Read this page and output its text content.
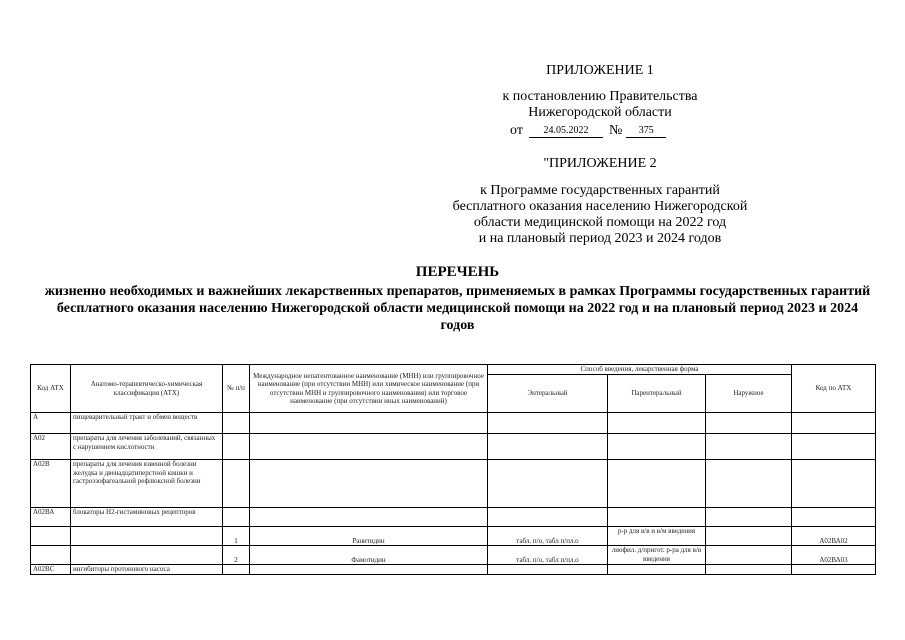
ПРИЛОЖЕНИЕ 1
к постановлению Правительства
Нижегородской области
от 24.05.2022 № 375
"ПРИЛОЖЕНИЕ 2
к Программе государственных гарантий
бесплатного оказания населению Нижегородской
области медицинской помощи на 2022 год
и на плановый период 2023 и 2024 годов
ПЕРЕЧЕНЬ
жизненно необходимых и важнейших лекарственных препаратов, применяемых в рамках Программы государственных гарантий бесплатного оказания населению Нижегородской области медицинской помощи на 2022 год и на плановый период 2023 и 2024 годов
Код АТХ	Анатомо-терапевтическо-химическая классификация (АТХ)	№ п/п	Международное непатентованное наименование (МНН) или группировочное наименование (при отсутствии МНН) или химическое наименование (при отсутствии МНН и группировочного наименования) или торговое наименование (при отсутствии иных наименований)	Способ введения, лекарственная форма			Код по АТХ
				Энтеральный	Парентеральный	Наружное	
А	пищеварительный тракт и обмен веществ						
А02	препараты для лечения заболеваний, связанных с нарушением кислотности						
А02В	препараты для лечения язвенной болезни желудка и двенадцатиперстной кишки и гастроэзофагеальной рефлюксной болезни						
А02ВА	блокаторы Н2-гистаминовых рецепторов						
		1	Ранитидин	табл. п/о, табл п/пл.о	р-р для в/в и в/м введения		А02ВА02
		2	Фамотидин	табл. п/о, табл п/пл.о	лиофил. д/пригот. р-ра для в/в введения		А02ВА03
А02ВС	ингибиторы протонового насоса						
